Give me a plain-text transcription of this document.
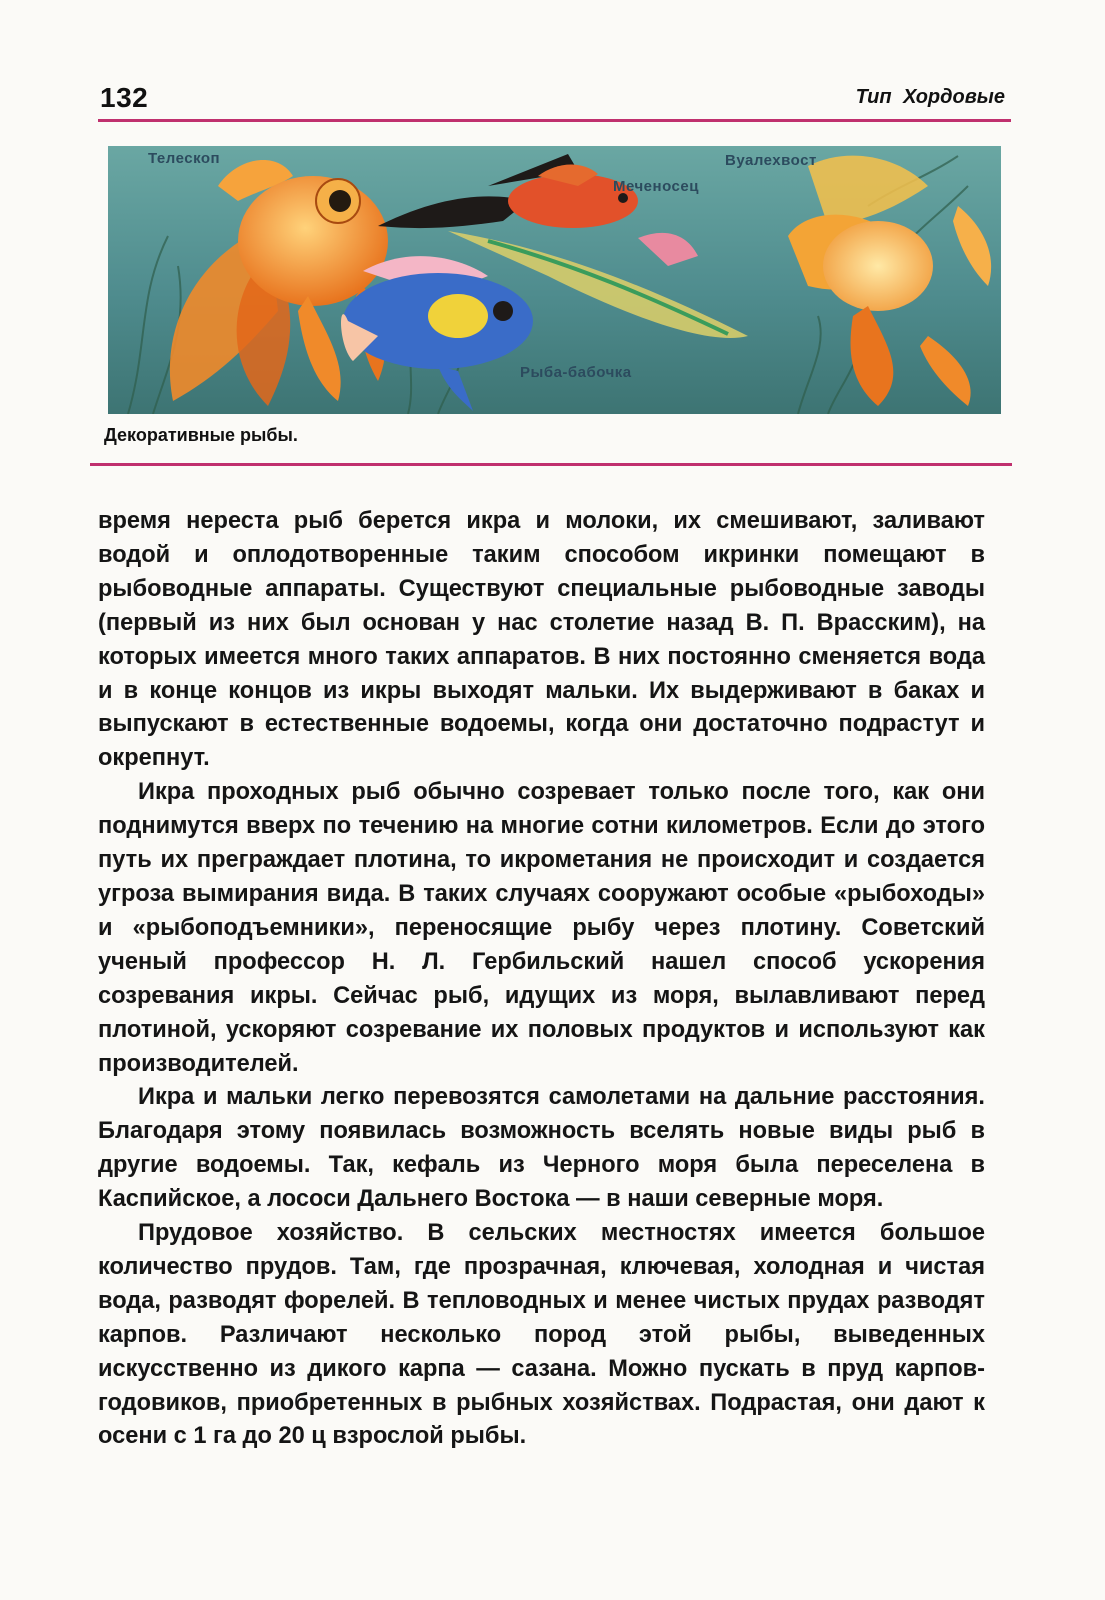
132	Тип Хордовые
Телескоп	Вуалехвост
Меченосец
Рыба-бабочка
Декоративные рыбы.

время нереста рыб берется икра и молоки, их смешивают, заливают водой и оплодотворенные таким способом икринки помещают в рыбоводные аппараты. Существуют специальные рыбоводные заводы (первый из них был основан у нас столетие назад В. П. Врасским), на которых имеется много таких аппаратов. В них постоянно сменяется вода и в конце концов из икры выходят мальки. Их выдерживают в баках и выпускают в естественные водоемы, когда они достаточно подрастут и окрепнут.

Икра проходных рыб обычно созревает только после того, как они поднимутся вверх по течению на многие сотни километров. Если до этого путь их преграждает плотина, то икрометания не происходит и создается угроза вымирания вида. В таких случаях сооружают особые «рыбоходы» и «рыбоподъемники», переносящие рыбу через плотину. Советский ученый профессор Н. Л. Гербильский нашел способ ускорения созревания икры. Сейчас рыб, идущих из моря, вылавливают перед плотиной, ускоряют созревание их половых продуктов и используют как производителей.

Икра и мальки легко перевозятся самолетами на дальние расстояния. Благодаря этому появилась возможность вселять новые виды рыб в другие водоемы. Так, кефаль из Черного моря была переселена в Каспийское, а лососи Дальнего Востока — в наши северные моря.

Прудовое хозяйство. В сельских местностях имеется большое количество прудов. Там, где прозрачная, ключевая, холодная и чистая вода, разводят форелей. В тепловодных и менее чистых прудах разводят карпов. Различают несколько пород этой рыбы, выведенных искусственно из дикого карпа — сазана. Можно пускать в пруд карпов-годовиков, приобретенных в рыбных хозяйствах. Подрастая, они дают к осени с 1 га до 20 ц взрослой рыбы.
